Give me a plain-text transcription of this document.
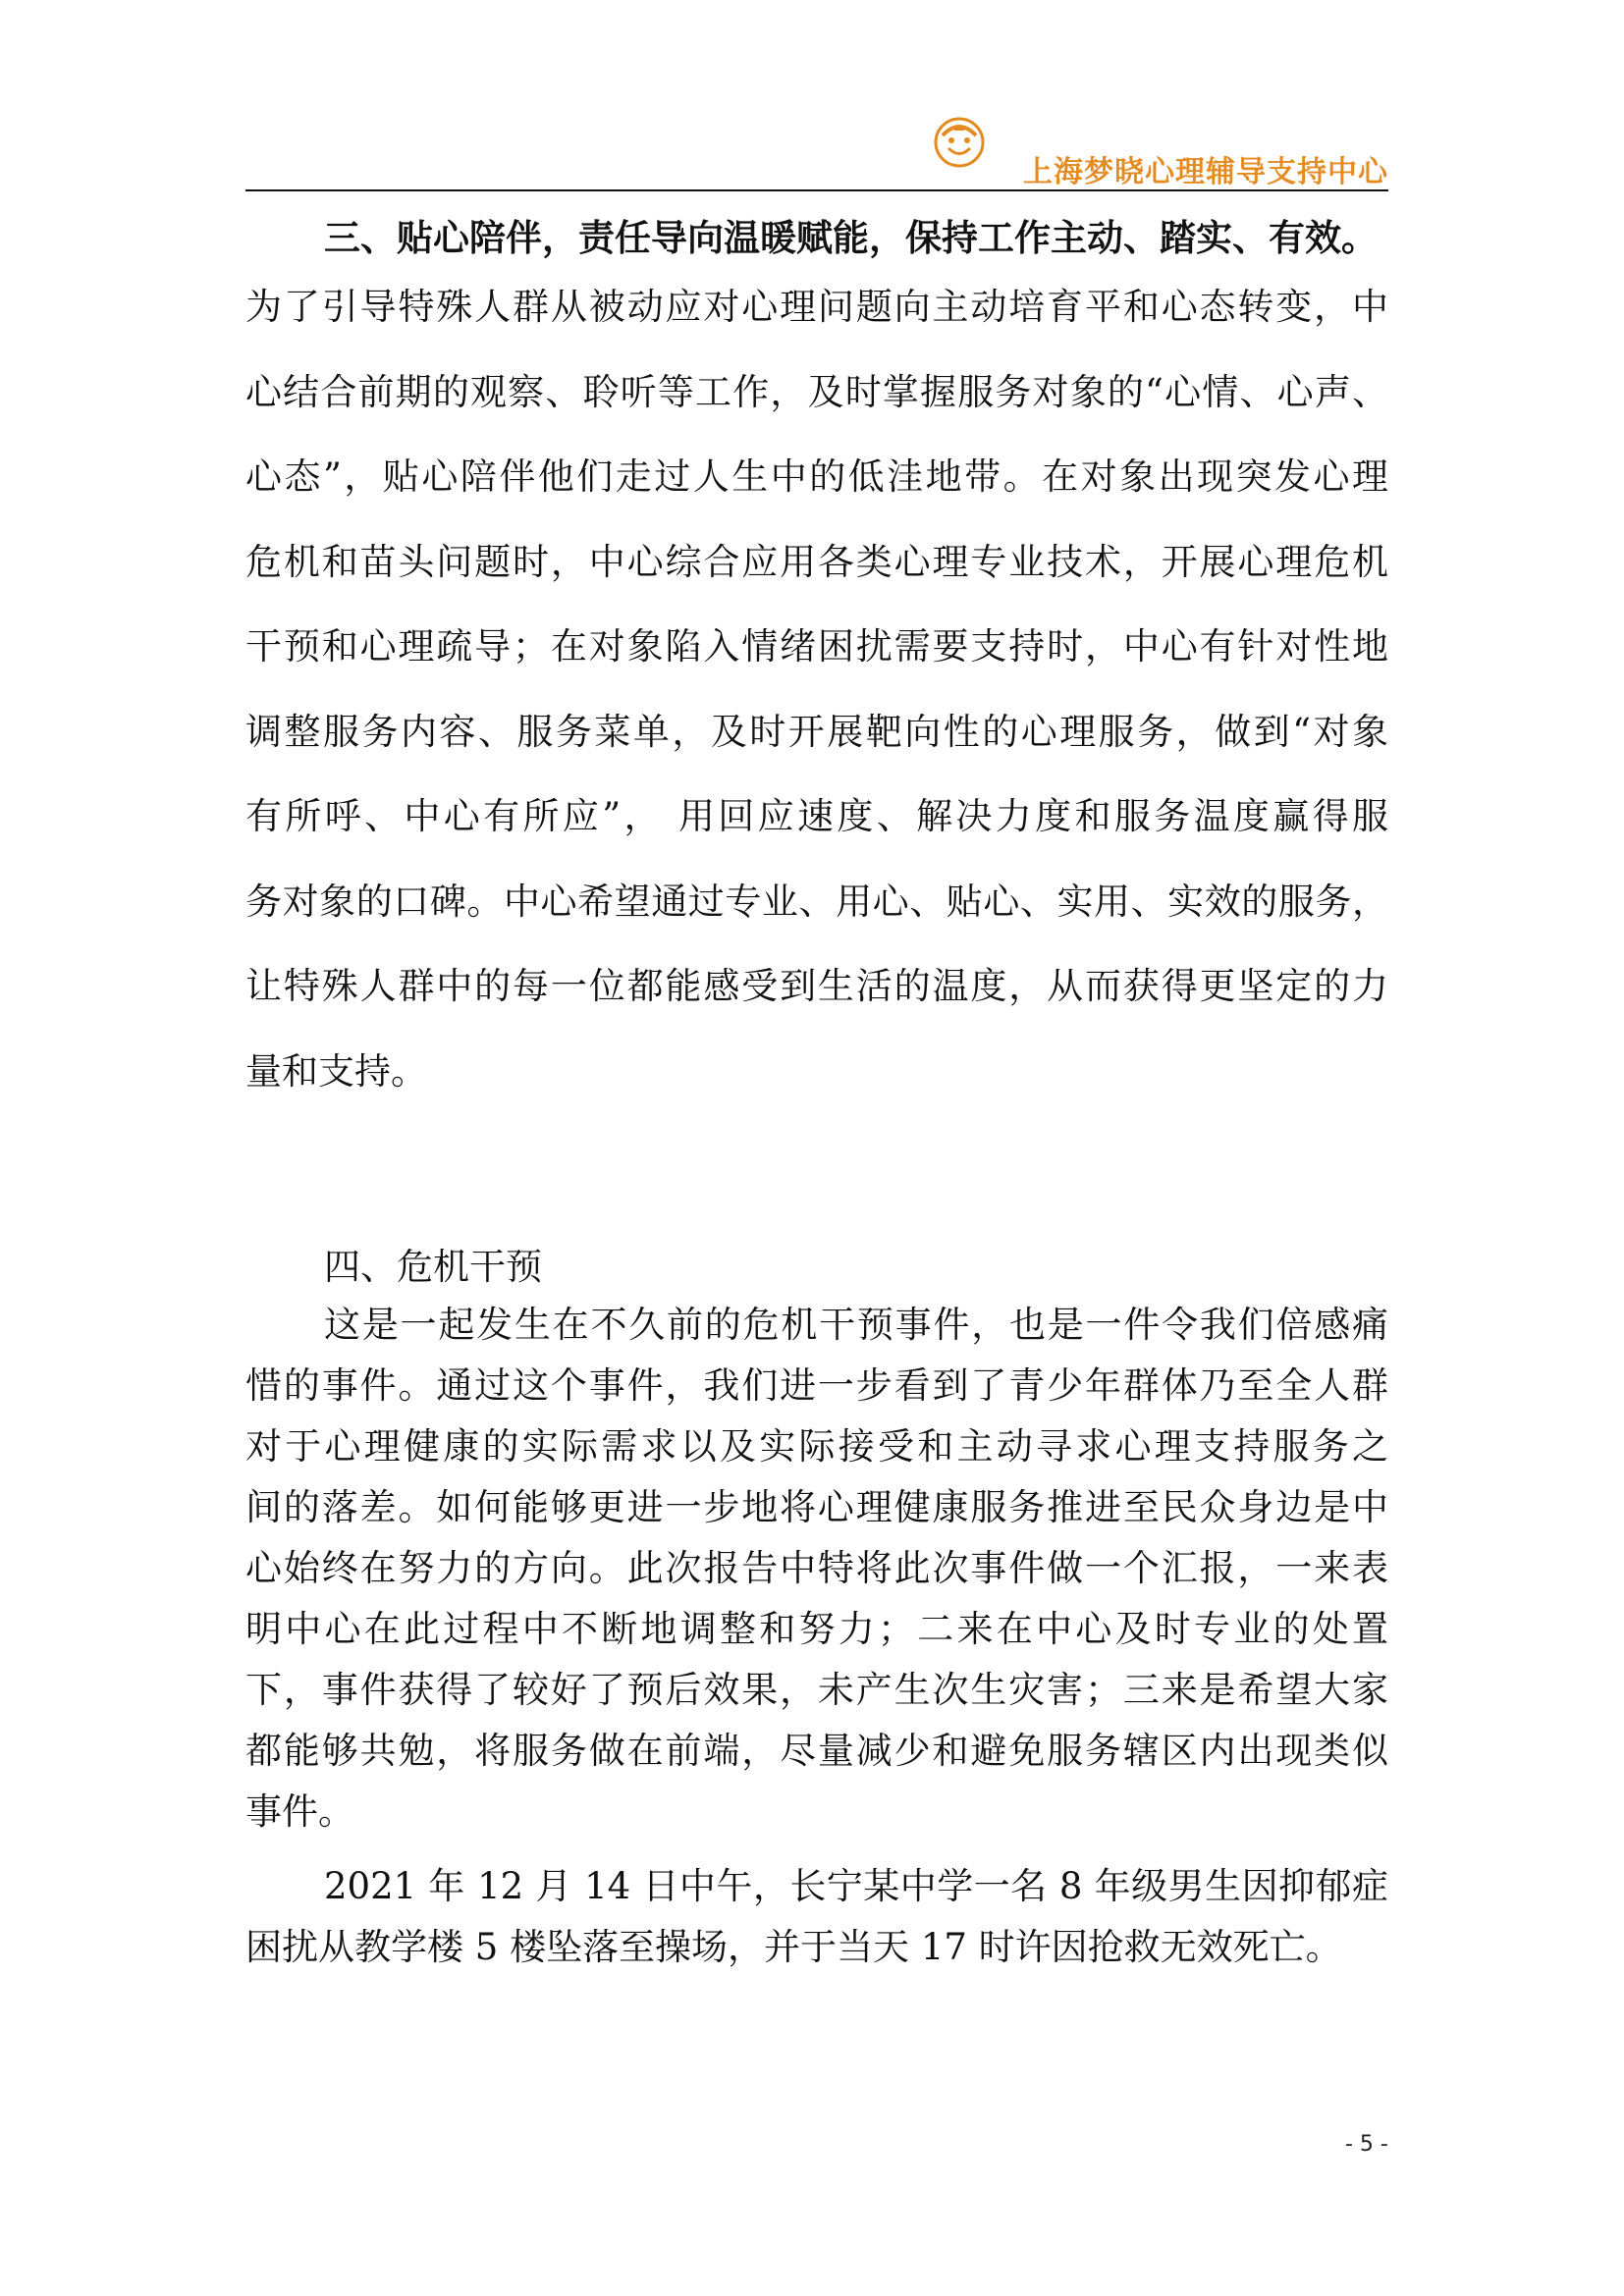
上海梦晓心理辅导支持中心
三、贴心陪伴，责任导向温暖赋能，保持工作主动、踏实、有效。
为了引导特殊人群从被动应对心理问题向主动培育平和心态转变，中
心结合前期的观察、聆听等工作，及时掌握服务对象的“心情、心声、
心态”，贴心陪伴他们走过人生中的低洼地带。在对象出现突发心理
危机和苗头问题时，中心综合应用各类心理专业技术，开展心理危机
干预和心理疏导；在对象陷入情绪困扰需要支持时，中心有针对性地
调整服务内容、服务菜单，及时开展靶向性的心理服务，做到“对象
有所呼、中心有所应”， 用回应速度、解决力度和服务温度赢得服
务对象的口碑。中心希望通过专业、用心、贴心、实用、实效的服务，
让特殊人群中的每一位都能感受到生活的温度，从而获得更坚定的力
量和支持。
四、危机干预
这是一起发生在不久前的危机干预事件，也是一件令我们倍感痛
惜的事件。通过这个事件，我们进一步看到了青少年群体乃至全人群
对于心理健康的实际需求以及实际接受和主动寻求心理支持服务之
间的落差。如何能够更进一步地将心理健康服务推进至民众身边是中
心始终在努力的方向。此次报告中特将此次事件做一个汇报，一来表
明中心在此过程中不断地调整和努力；二来在中心及时专业的处置
下，事件获得了较好了预后效果，未产生次生灾害；三来是希望大家
都能够共勉，将服务做在前端，尽量减少和避免服务辖区内出现类似
事件。
2021 年 12 月 14 日中午，长宁某中学一名 8 年级男生因抑郁症
困扰从教学楼 5 楼坠落至操场，并于当天 17 时许因抢救无效死亡。
- 5 -
